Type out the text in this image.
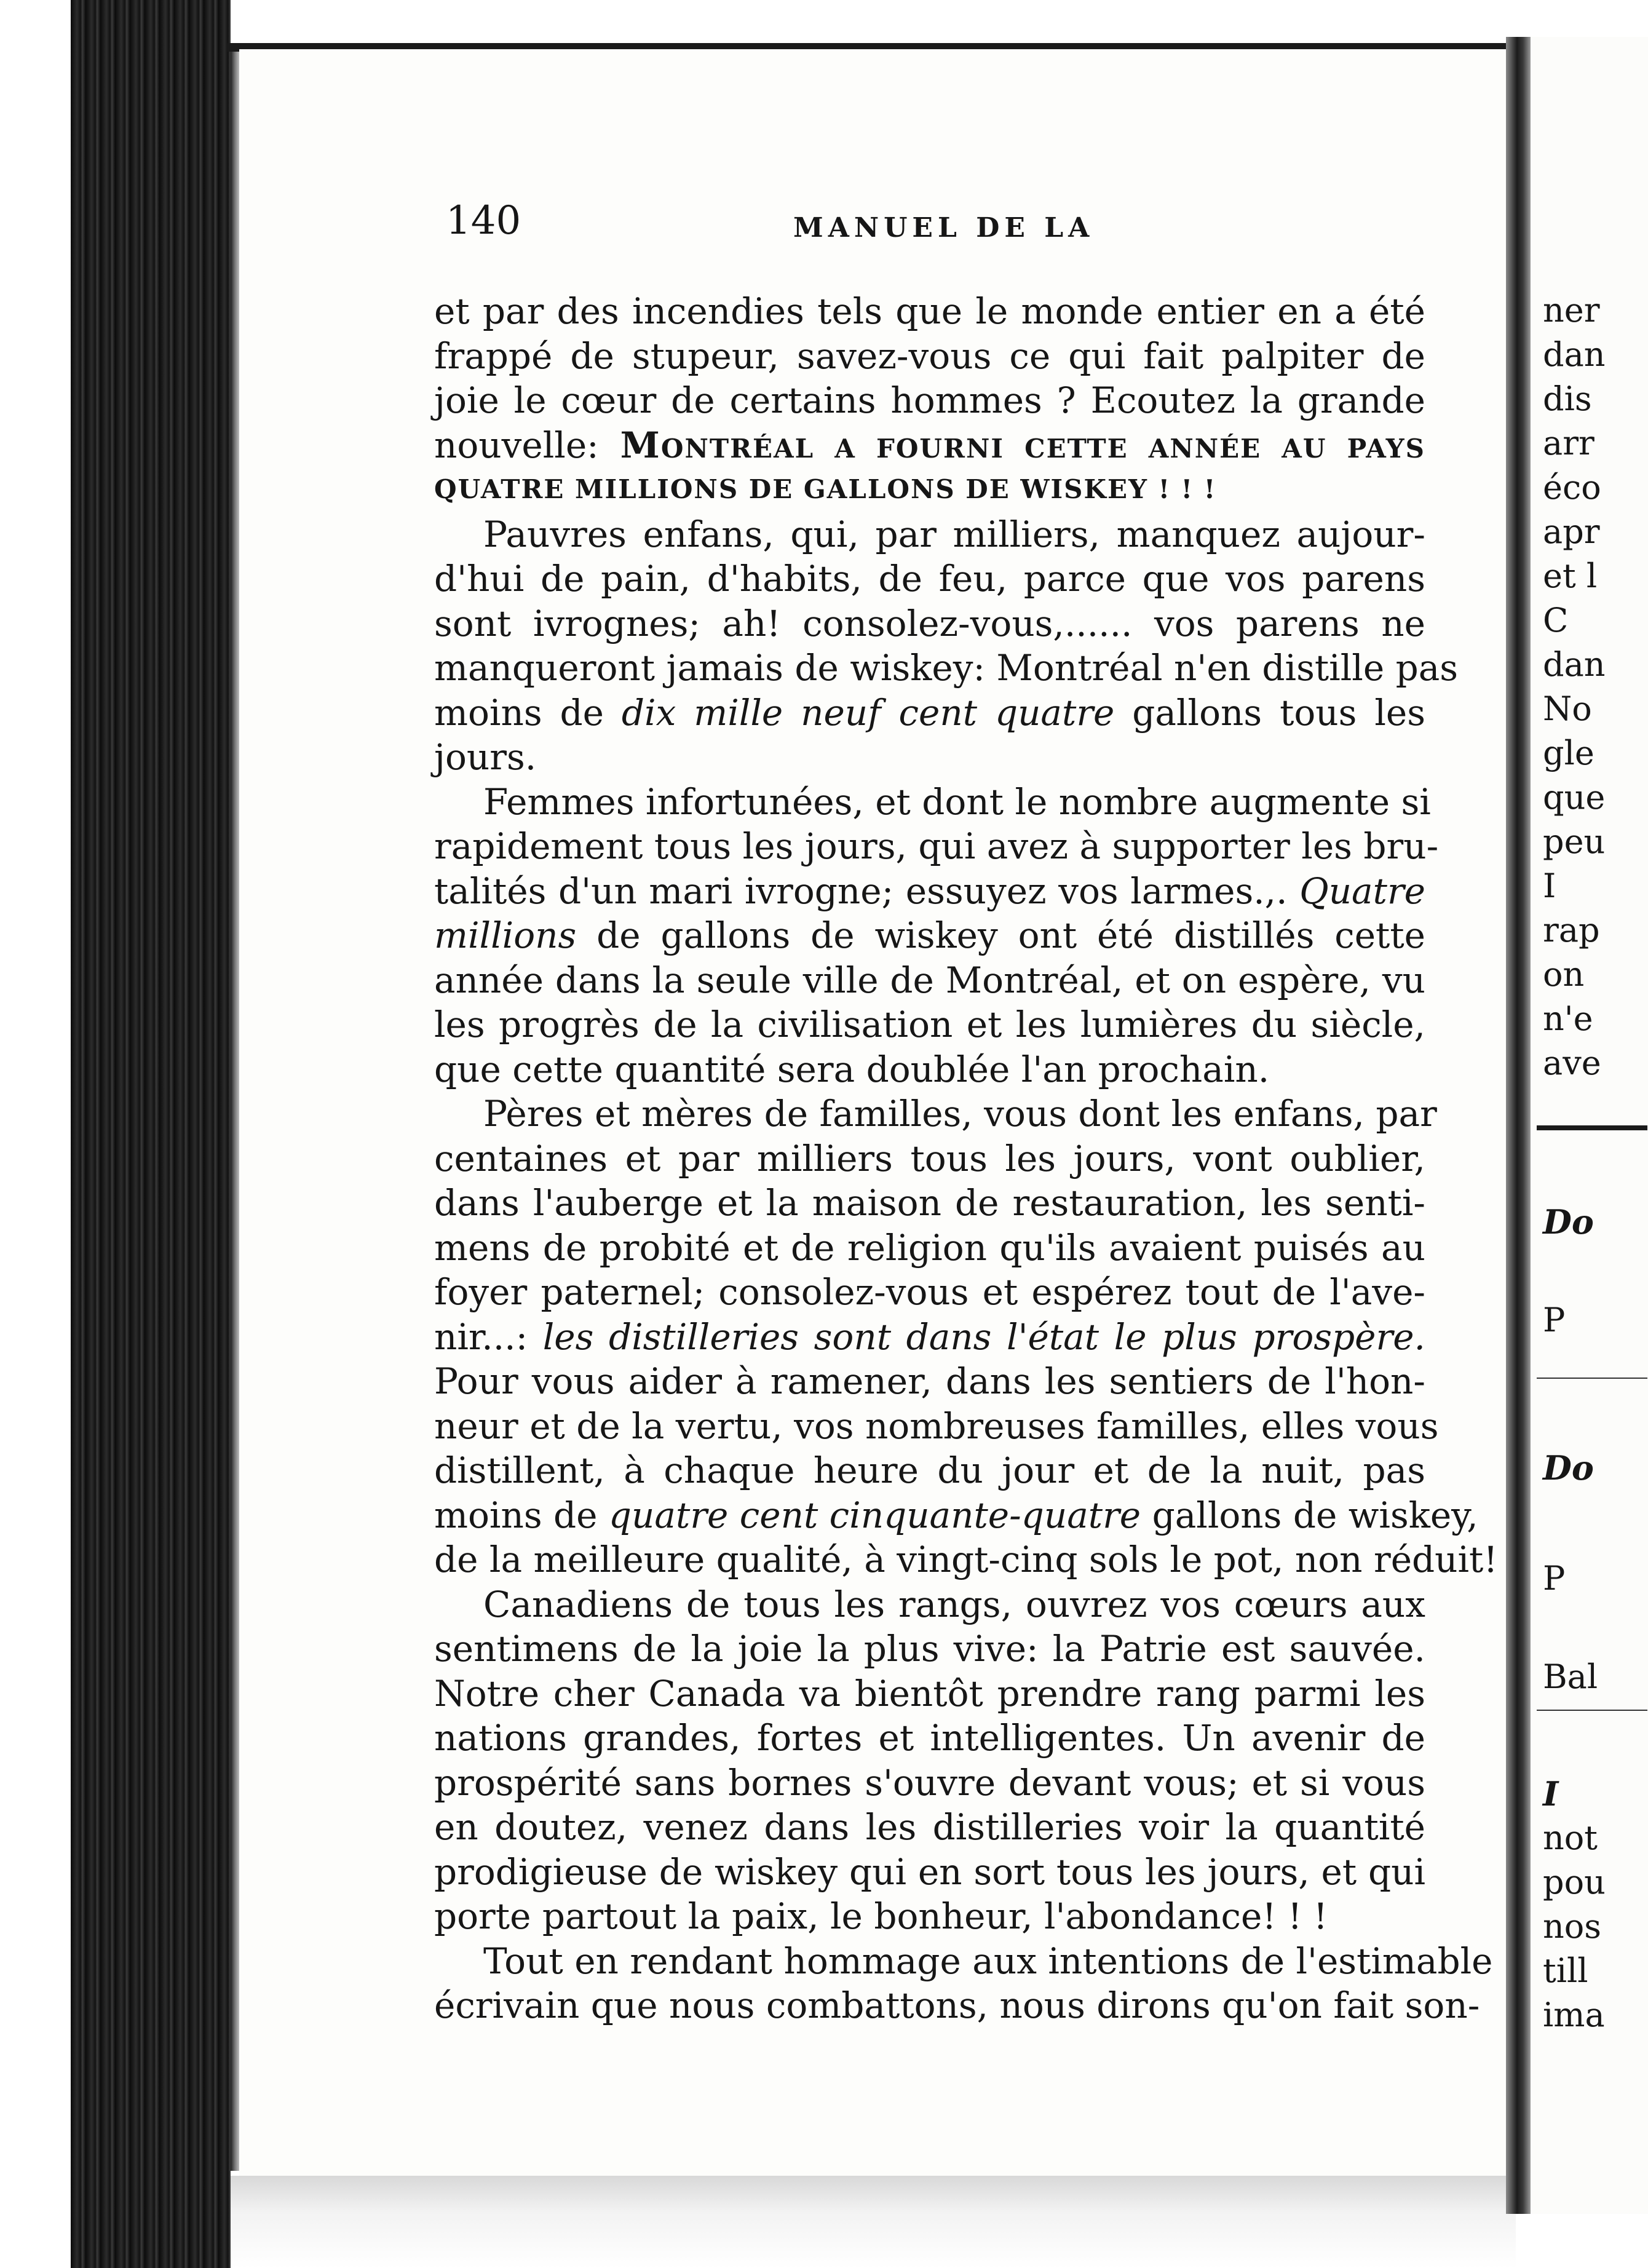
ner
dan
dis
arr
éco
apr
et l
C
dan
No
gle
que
peu
I
rap
on
n'e
ave
Do
P
Do
P
Bal
I
not
pou
nos
till
ima
140	MANUEL DE LA
et par des incendies tels que le monde entier en a été
frappé de stupeur, savez-vous ce qui fait palpiter de
joie le cœur de certains hommes ? Ecoutez la grande
nouvelle: MONTRÉAL A FOURNI CETTE ANNÉE AU PAYS
QUATRE MILLIONS DE GALLONS DE WISKEY ! ! !
Pauvres enfans, qui, par milliers, manquez aujour-
d'hui de pain, d'habits, de feu, parce que vos parens
sont ivrognes; ah! consolez-vous,...... vos parens ne
manqueront jamais de wiskey: Montréal n'en distille pas
moins de dix mille neuf cent quatre gallons tous les
jours.
Femmes infortunées, et dont le nombre augmente si
rapidement tous les jours, qui avez à supporter les bru-
talités d'un mari ivrogne; essuyez vos larmes.,. Quatre
millions de gallons de wiskey ont été distillés cette
année dans la seule ville de Montréal, et on espère, vu
les progrès de la civilisation et les lumières du siècle,
que cette quantité sera doublée l'an prochain.
Pères et mères de familles, vous dont les enfans, par
centaines et par milliers tous les jours, vont oublier,
dans l'auberge et la maison de restauration, les senti-
mens de probité et de religion qu'ils avaient puisés au
foyer paternel; consolez-vous et espérez tout de l'ave-
nir...: les distilleries sont dans l'état le plus prospère.
Pour vous aider à ramener, dans les sentiers de l'hon-
neur et de la vertu, vos nombreuses familles, elles vous
distillent, à chaque heure du jour et de la nuit, pas
moins de quatre cent cinquante-quatre gallons de wiskey,
de la meilleure qualité, à vingt-cinq sols le pot, non réduit!
Canadiens de tous les rangs, ouvrez vos cœurs aux
sentimens de la joie la plus vive: la Patrie est sauvée.
Notre cher Canada va bientôt prendre rang parmi les
nations grandes, fortes et intelligentes. Un avenir de
prospérité sans bornes s'ouvre devant vous; et si vous
en doutez, venez dans les distilleries voir la quantité
prodigieuse de wiskey qui en sort tous les jours, et qui
porte partout la paix, le bonheur, l'abondance! ! !
Tout en rendant hommage aux intentions de l'estimable
écrivain que nous combattons, nous dirons qu'on fait son-
